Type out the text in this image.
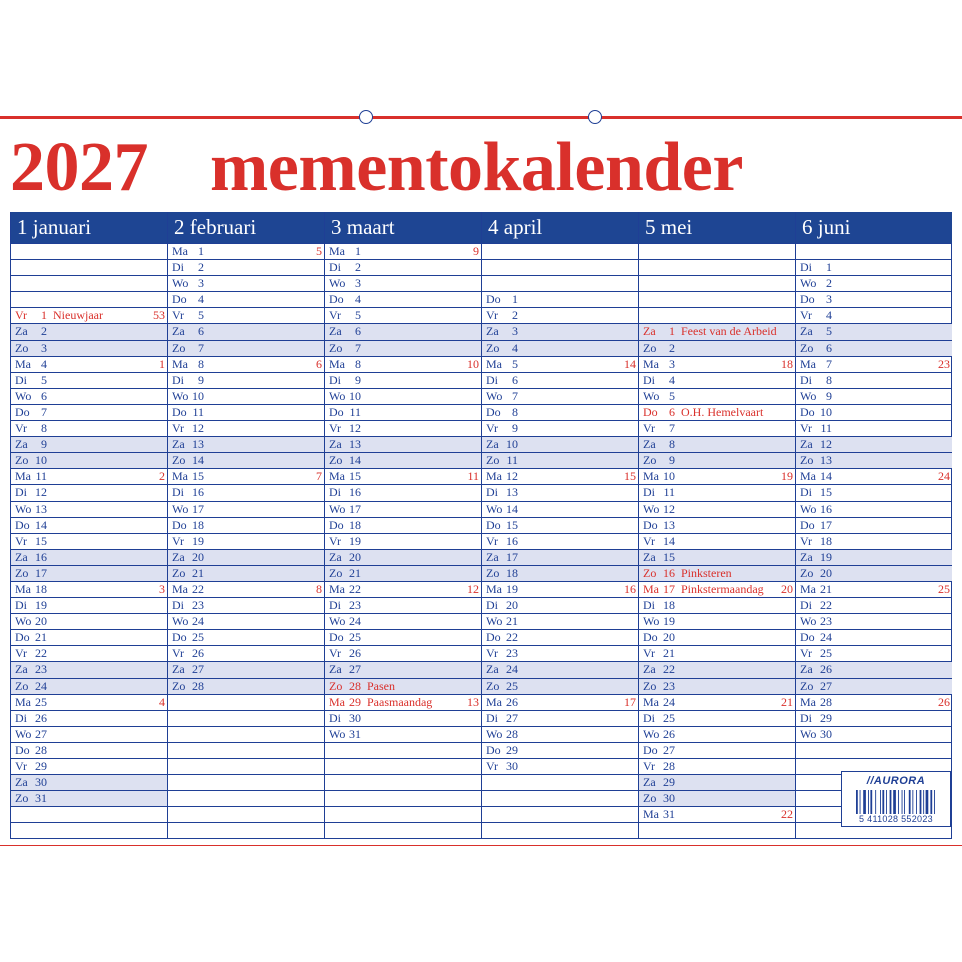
2027 mementokalender
1 januari
Vr	1 Nieuwjaar	53
Za	2
Zo	3
Ma 4	1
Di	5
Wo 6
Do 7
Vr	8
Za	9
Zo 10
Ma 11	2
Di 12
Wo 13
Do 14
Vr 15
Za 16
Zo 17
Ma 18	3
Di 19
Wo 20
Do 21
Vr 22
Za 23
Zo 24
Ma 25	4
Di 26
Wo 27
Do 28
Vr 29
Za 30
Zo 31
2 februari
Ma 1	5
Di	2
Wo 3
Do 4
Vr	5
Za	6
Zo	7
Ma 8	6
Di	9
Wo 10
Do 11
Vr 12
Za 13
Zo 14
Ma 15	7
Di 16
Wo 17
Do 18
Vr 19
Za 20
Zo 21
Ma 22	8
Di 23
Wo 24
Do 25
Vr 26
Za 27
Zo 28
3 maart
Ma 1	9
Di	2
Wo 3
Do 4
Vr	5
Za	6
Zo	7
Ma 8	10
Di	9
Wo 10
Do 11
Vr 12
Za 13
Zo 14
Ma 15	11
Di 16
Wo 17
Do 18
Vr 19
Za 20
Zo 21
Ma 22	12
Di 23
Wo 24
Do 25
Vr 26
Za 27
Zo 28 Pasen
Ma 29 Paasmaandag	13
Di 30
Wo 31
4 april
Do 1
Vr	2
Za	3
Zo	4
Ma 5	14
Di	6
Wo 7
Do 8
Vr	9
Za 10
Zo 11
Ma 12	15
Di 13
Wo 14
Do 15
Vr 16
Za 17
Zo 18
Ma 19	16
Di 20
Wo 21
Do 22
Vr 23
Za 24
Zo 25
Ma 26	17
Di 27
Wo 28
Do 29
Vr 30
5 mei
Za	1 Feest van de Arbeid
Zo	2
Ma 3	18
Di	4
Wo 5
Do 6 O.H. Hemelvaart
Vr	7
Za	8
Zo	9
Ma 10	19
Di 11
Wo 12
Do 13
Vr 14
Za 15
Zo 16 Pinksteren
Ma 17 Pinkstermaandag 20
Di 18
Wo 19
Do 20
Vr 21
Za 22
Zo 23
Ma 24	21
Di 25
Wo 26
Do 27
Vr 28
Za 29
Zo 30
Ma 31	22
6 juni
Di	1
Wo 2
Do 3
Vr	4
Za	5
Zo	6
Ma 7	23
Di	8
Wo 9
Do 10
Vr 11
Za 12
Zo 13
Ma 14	24
Di 15
Wo 16
Do 17
Vr 18
Za 19
Zo 20
Ma 21	25
Di 22
Wo 23
Do 24
Vr 25
Za 26
Zo 27
Ma 28	26
Di 29
Wo 30
//AURORA
5 411028 552023
